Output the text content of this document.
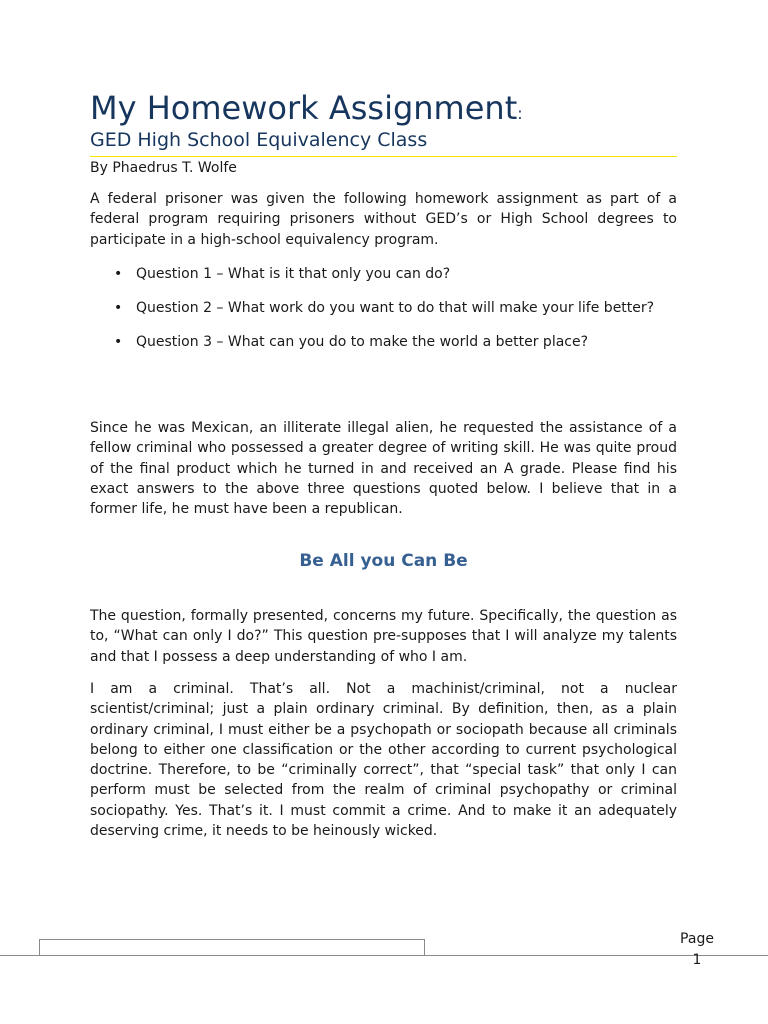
My Homework Assignment:
GED High School Equivalency Class

By Phaedrus T. Wolfe

A federal prisoner was given the following homework assignment as part of a federal program requiring prisoners without GED’s or High School degrees to participate in a high-school equivalency program.

• Question 1 – What is it that only you can do?
• Question 2 – What work do you want to do that will make your life better?
• Question 3 – What can you do to make the world a better place?

Since he was Mexican, an illiterate illegal alien, he requested the assistance of a fellow criminal who possessed a greater degree of writing skill. He was quite proud of the final product which he turned in and received an A grade. Please find his exact answers to the above three questions quoted below. I believe that in a former life, he must have been a republican.

Be All you Can Be

The question, formally presented, concerns my future. Specifically, the question as to, “What can only I do?” This question pre-supposes that I will analyze my talents and that I possess a deep understanding of who I am.

I am a criminal. That’s all. Not a machinist/criminal, not a nuclear scientist/criminal; just a plain ordinary criminal. By definition, then, as a plain ordinary criminal, I must either be a psychopath or sociopath because all criminals belong to either one classification or the other according to current psychological doctrine. Therefore, to be “criminally correct”, that “special task” that only I can perform must be selected from the realm of criminal psychopathy or criminal sociopathy. Yes. That’s it. I must commit a crime. And to make it an adequately deserving crime, it needs to be heinously wicked.

Page

1
